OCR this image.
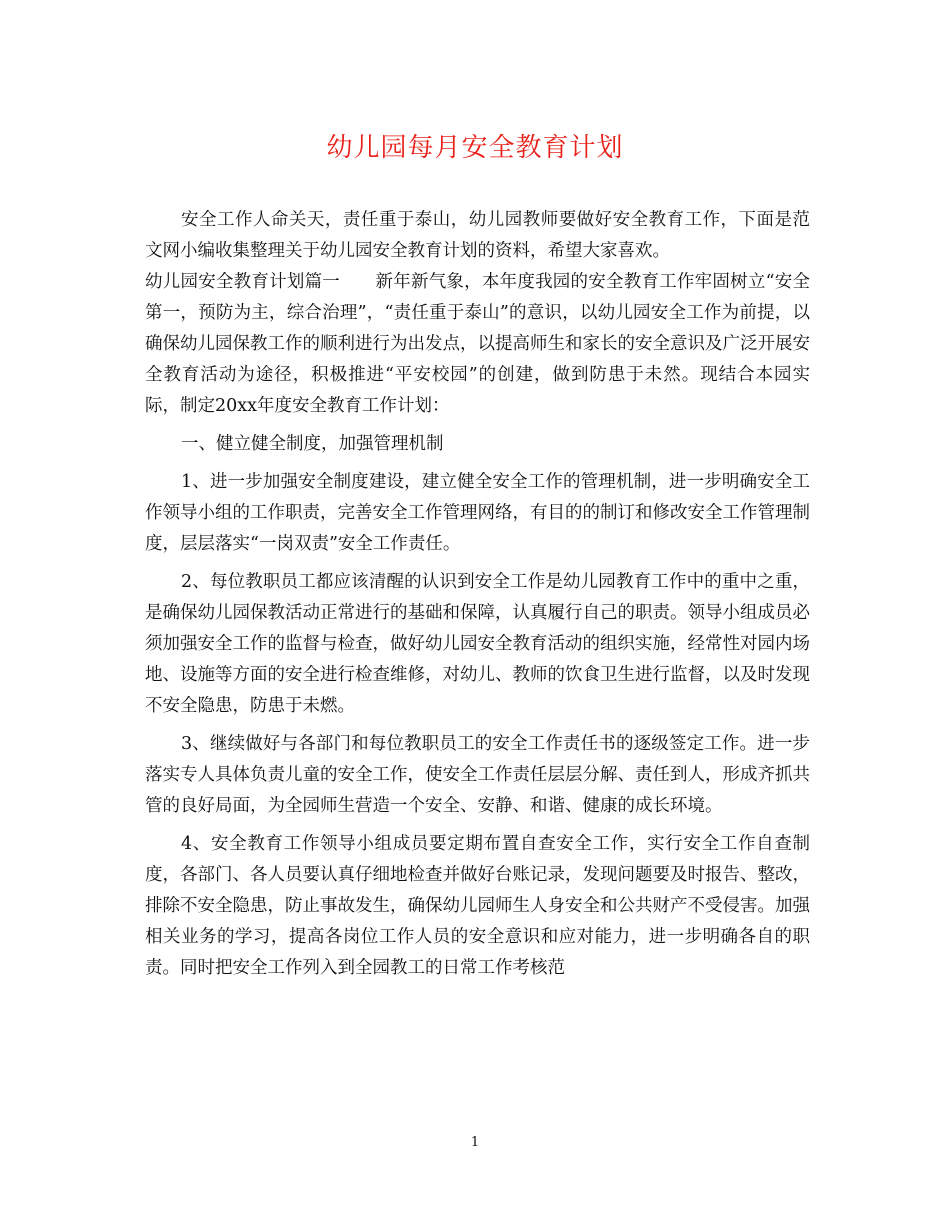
幼儿园每月安全教育计划

安全工作人命关天，责任重于泰山，幼儿园教师要做好安全教育工作，下面是范文网小编收集整理关于幼儿园安全教育计划的资料，希望大家喜欢。

幼儿园安全教育计划篇一　　新年新气象，本年度我园的安全教育工作牢固树立“安全第一，预防为主，综合治理”，“责任重于泰山”的意识，以幼儿园安全工作为前提，以确保幼儿园保教工作的顺利进行为出发点，以提高师生和家长的安全意识及广泛开展安全教育活动为途径，积极推进“平安校园”的创建，做到防患于未然。现结合本园实际，制定20xx年度安全教育工作计划：

一、健立健全制度，加强管理机制

1、进一步加强安全制度建设，建立健全安全工作的管理机制，进一步明确安全工作领导小组的工作职责，完善安全工作管理网络，有目的的制订和修改安全工作管理制度，层层落实“一岗双责”安全工作责任。

2、每位教职员工都应该清醒的认识到安全工作是幼儿园教育工作中的重中之重，是确保幼儿园保教活动正常进行的基础和保障，认真履行自己的职责。领导小组成员必须加强安全工作的监督与检查，做好幼儿园安全教育活动的组织实施，经常性对园内场地、设施等方面的安全进行检查维修，对幼儿、教师的饮食卫生进行监督，以及时发现不安全隐患，防患于未燃。

3、继续做好与各部门和每位教职员工的安全工作责任书的逐级签定工作。进一步落实专人具体负责儿童的安全工作，使安全工作责任层层分解、责任到人，形成齐抓共管的良好局面，为全园师生营造一个安全、安静、和谐、健康的成长环境。

4、安全教育工作领导小组成员要定期布置自查安全工作，实行安全工作自查制度，各部门、各人员要认真仔细地检查并做好台账记录，发现问题要及时报告、整改，排除不安全隐患，防止事故发生，确保幼儿园师生人身安全和公共财产不受侵害。加强相关业务的学习，提高各岗位工作人员的安全意识和应对能力，进一步明确各自的职责。同时把安全工作列入到全园教工的日常工作考核范

1
